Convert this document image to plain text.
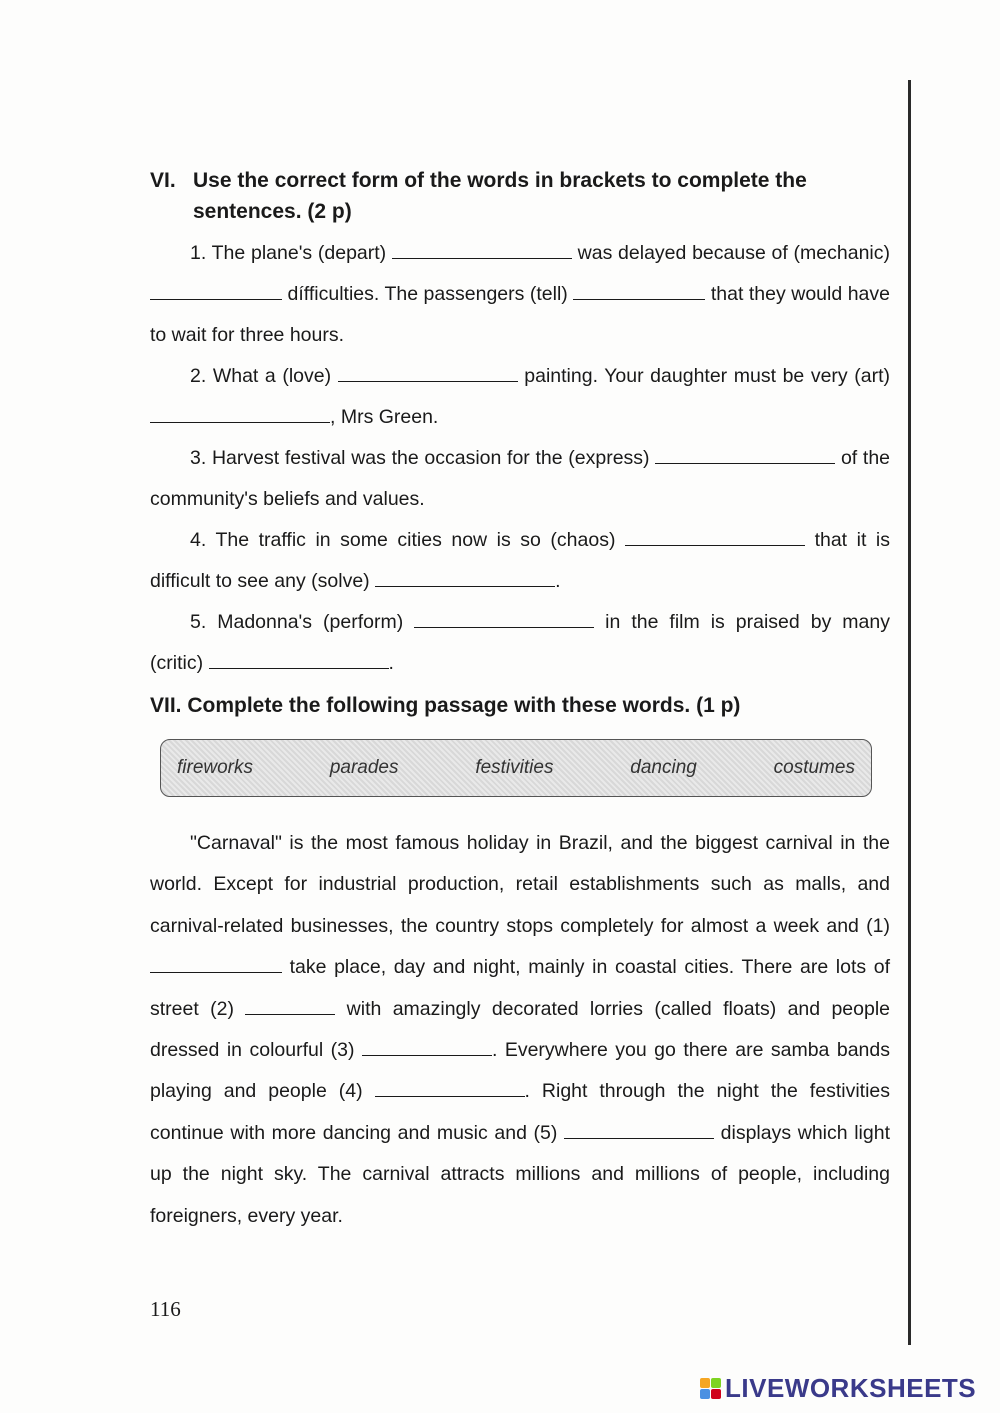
VI. Use the correct form of the words in brackets to complete the sentences. (2 p)

1. The plane's (depart)	was delayed because of (mechanic)  dífficulties. The passengers (tell)	that they would have to wait for three hours.

2. What a (love)	painting. Your daughter must be very (art) , Mrs Green.

3. Harvest festival was the occasion for the (express)	of the community's beliefs and values.

4. The traffic in some cities now is so (chaos)	that it is difficult to see any (solve)	.

5. Madonna's (perform)	in the film is praised by many (critic)	.

VII. Complete the following passage with these words. (1 p)

fireworks	parades	festivities	dancing	costumes

"Carnaval" is the most famous holiday in Brazil, and the biggest carnival in the world. Except for industrial production, retail establishments such as malls, and carnival-related businesses, the country stops completely for almost a week and (1)  take place, day and night, mainly in coastal cities. There are lots of street (2)	with amazingly decorated lorries (called floats) and people dressed in colourful (3)	. Everywhere you go there are samba bands playing and people (4)	. Right through the night the festivities continue with more dancing and music and (5)	displays which light up the night sky. The carnival attracts millions and millions of people, including foreigners, every year.

116
LIVEWORKSHEETS
